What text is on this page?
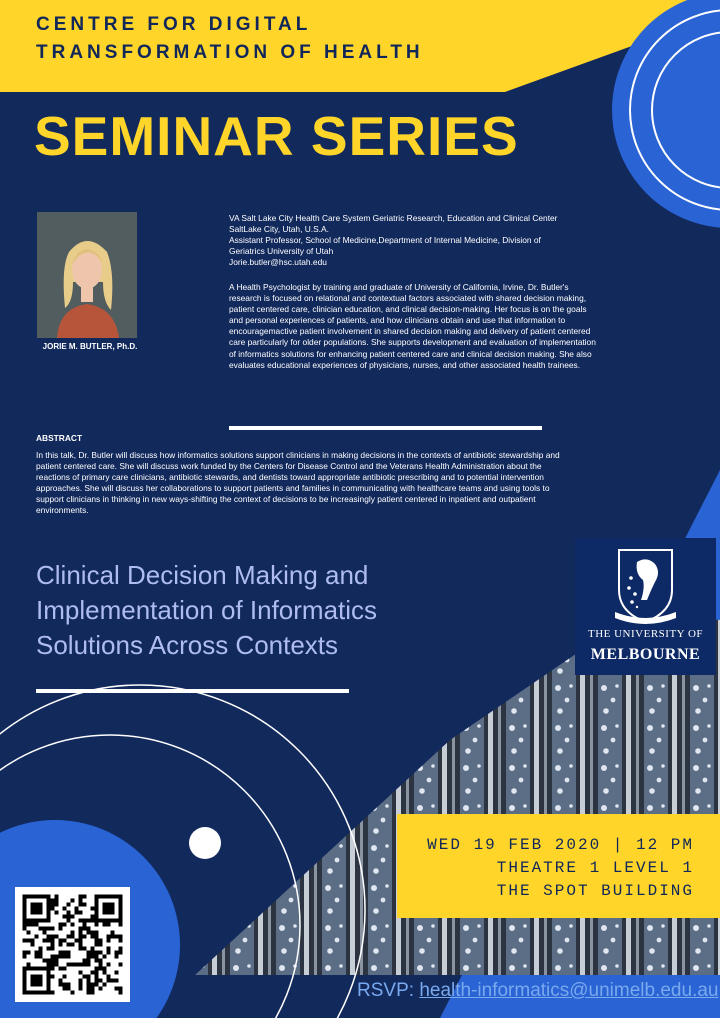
CENTRE FOR DIGITAL
TRANSFORMATION OF HEALTH
SEMINAR SERIES
JORIE M. BUTLER, Ph.D.
VA Salt Lake City Health Care System Geriatric Research, Education and Clinical Center
SaltLake City, Utah, U.S.A.
Assistant Professor, School of Medicine,Department of Internal Medicine, Division of
Geriatrics University of Utah
Jorie.butler@hsc.utah.edu
A Health Psychologist by training and graduate of University of California, Irvine, Dr. Butler's research is focused on relational and contextual factors associated with shared decision making, patient centered care, clinician education, and clinical decision-making. Her focus is on the goals and personal experiences of patients, and how clinicians obtain and use that information to encouragemactive patient involvement in shared decision making and delivery of patient centered care particularly for older populations. She supports development and evaluation of implementation of informatics solutions for enhancing patient centered care and clinical decision making. She also evaluates educational experiences of physicians, nurses, and other associated health trainees.
ABSTRACT
In this talk, Dr. Butler will discuss how informatics solutions support clinicians in making decisions in the contexts of antibiotic stewardship and patient centered care. She will discuss work funded by the Centers for Disease Control and the Veterans Health Administration about the reactions of primary care clinicians, antibiotic stewards, and dentists toward appropriate antibiotic prescribing and to potential intervention approaches. She will discuss her collaborations to support patients and families in communicating with healthcare teams and using tools to support clinicians in thinking in new ways-shifting the context of decisions to be increasingly patient centered in inpatient and outpatient environments.
Clinical Decision Making and Implementation of Informatics Solutions Across Contexts	THE UNIVERSITY OF
MELBOURNE
WED 19 FEB 2020 | 12 PM
THEATRE 1 LEVEL 1
THE SPOT BUILDING
RSVP: health-informatics@unimelb.edu.au
